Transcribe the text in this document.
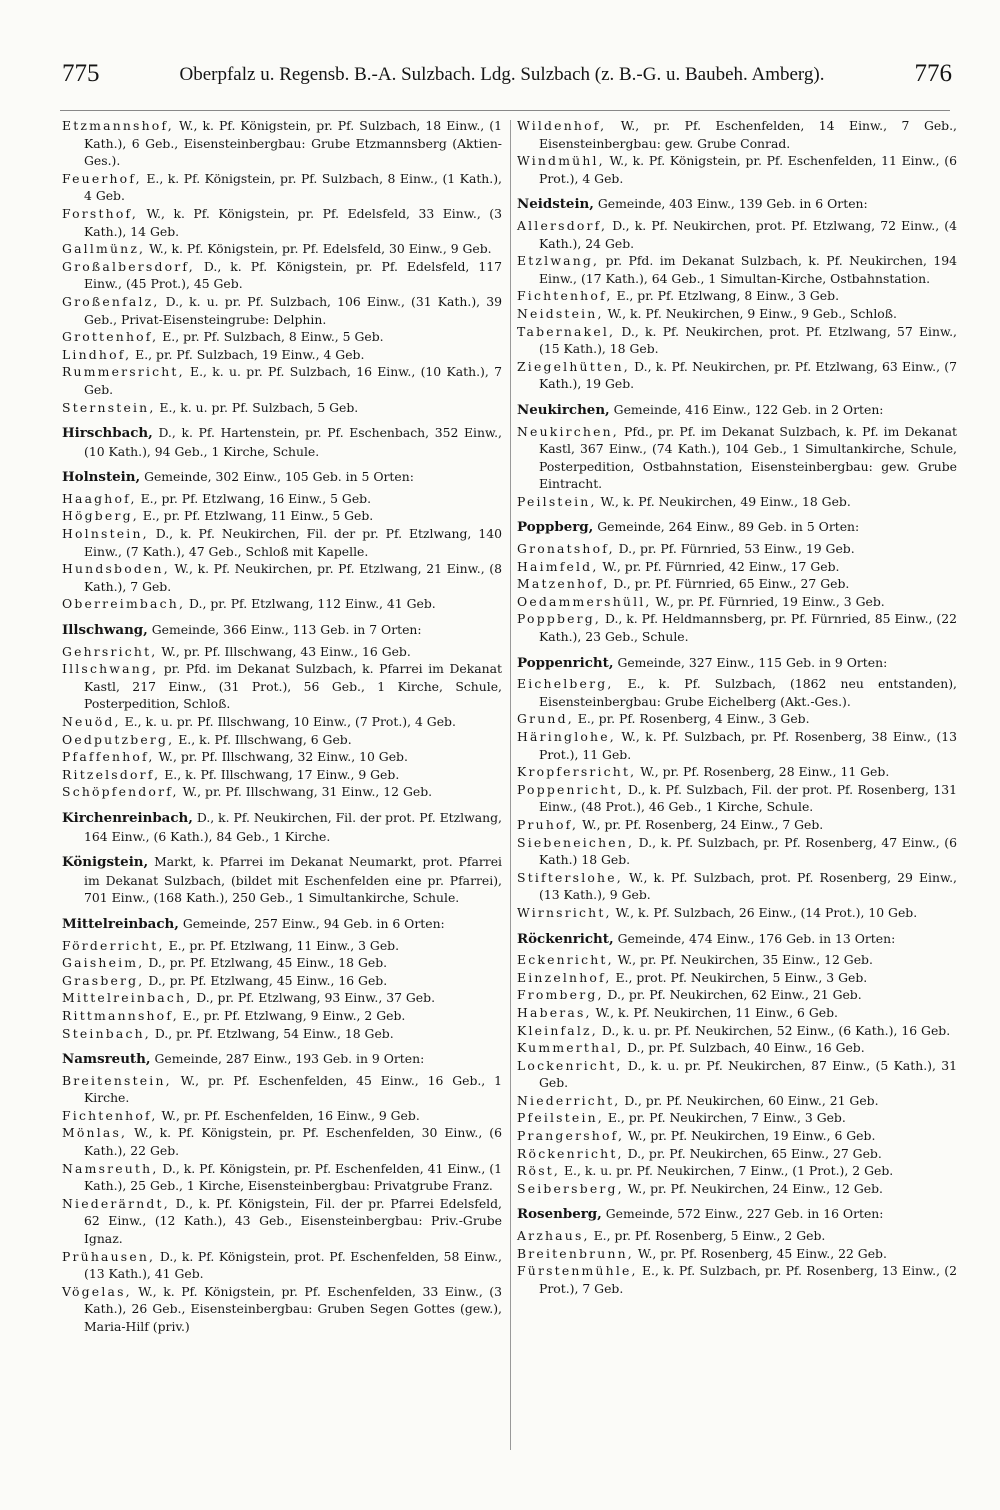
775	Oberpfalz u. Regensb. B.-A. Sulzbach. Ldg. Sulzbach (z. B.-G. u. Baubeh. Amberg).	776

Etzmannshof, W., k. Pf. Königstein, pr. Pf. Sulzbach, 18 Einw., (1 Kath.), 6 Geb., Eisensteinbergbau: Grube Etzmannsberg (Aktien-Ges.).

Feuerhof, E., k. Pf. Königstein, pr. Pf. Sulzbach, 8 Einw., (1 Kath.), 4 Geb.

Forsthof, W., k. Pf. Königstein, pr. Pf. Edelsfeld, 33 Einw., (3 Kath.), 14 Geb.

Gallmünz, W., k. Pf. Königstein, pr. Pf. Edelsfeld, 30 Einw., 9 Geb.

Großalbersdorf, D., k. Pf. Königstein, pr. Pf. Edelsfeld, 117 Einw., (45 Prot.), 45 Geb.

Großenfalz, D., k. u. pr. Pf. Sulzbach, 106 Einw., (31 Kath.), 39 Geb., Privat-Eisensteingrube: Delphin.

Grottenhof, E., pr. Pf. Sulzbach, 8 Einw., 5 Geb.

Lindhof, E., pr. Pf. Sulzbach, 19 Einw., 4 Geb.

Rummersricht, E., k. u. pr. Pf. Sulzbach, 16 Einw., (10 Kath.), 7 Geb.

Sternstein, E., k. u. pr. Pf. Sulzbach, 5 Geb.

Hirschbach, D., k. Pf. Hartenstein, pr. Pf. Eschenbach, 352 Einw., (10 Kath.), 94 Geb., 1 Kirche, Schule.

Holnstein, Gemeinde, 302 Einw., 105 Geb. in 5 Orten:

Haaghof, E., pr. Pf. Etzlwang, 16 Einw., 5 Geb.

Högberg, E., pr. Pf. Etzlwang, 11 Einw., 5 Geb.

Holnstein, D., k. Pf. Neukirchen, Fil. der pr. Pf. Etzlwang, 140 Einw., (7 Kath.), 47 Geb., Schloß mit Kapelle.

Hundsboden, W., k. Pf. Neukirchen, pr. Pf. Etzlwang, 21 Einw., (8 Kath.), 7 Geb.

Oberreimbach, D., pr. Pf. Etzlwang, 112 Einw., 41 Geb.

Illschwang, Gemeinde, 366 Einw., 113 Geb. in 7 Orten:

Gehrsricht, W., pr. Pf. Illschwang, 43 Einw., 16 Geb.

Illschwang, pr. Pfd. im Dekanat Sulzbach, k. Pfarrei im Dekanat Kastl, 217 Einw., (31 Prot.), 56 Geb., 1 Kirche, Schule, Posterpedition, Schloß.

Neuöd, E., k. u. pr. Pf. Illschwang, 10 Einw., (7 Prot.), 4 Geb.

Oedputzberg, E., k. Pf. Illschwang, 6 Geb.

Pfaffenhof, W., pr. Pf. Illschwang, 32 Einw., 10 Geb.

Ritzelsdorf, E., k. Pf. Illschwang, 17 Einw., 9 Geb.

Schöpfendorf, W., pr. Pf. Illschwang, 31 Einw., 12 Geb.

Kirchenreinbach, D., k. Pf. Neukirchen, Fil. der prot. Pf. Etzlwang, 164 Einw., (6 Kath.), 84 Geb., 1 Kirche.

Königstein, Markt, k. Pfarrei im Dekanat Neumarkt, prot. Pfarrei im Dekanat Sulzbach, (bildet mit Eschenfelden eine pr. Pfarrei), 701 Einw., (168 Kath.), 250 Geb., 1 Simultankirche, Schule.

Mittelreinbach, Gemeinde, 257 Einw., 94 Geb. in 6 Orten:

Förderricht, E., pr. Pf. Etzlwang, 11 Einw., 3 Geb.

Gaisheim, D., pr. Pf. Etzlwang, 45 Einw., 18 Geb.

Grasberg, D., pr. Pf. Etzlwang, 45 Einw., 16 Geb.

Mittelreinbach, D., pr. Pf. Etzlwang, 93 Einw., 37 Geb.

Rittmannshof, E., pr. Pf. Etzlwang, 9 Einw., 2 Geb.

Steinbach, D., pr. Pf. Etzlwang, 54 Einw., 18 Geb.

Namsreuth, Gemeinde, 287 Einw., 193 Geb. in 9 Orten:

Breitenstein, W., pr. Pf. Eschenfelden, 45 Einw., 16 Geb., 1 Kirche.

Fichtenhof, W., pr. Pf. Eschenfelden, 16 Einw., 9 Geb.

Mönlas, W., k. Pf. Königstein, pr. Pf. Eschenfelden, 30 Einw., (6 Kath.), 22 Geb.

Namsreuth, D., k. Pf. Königstein, pr. Pf. Eschenfelden, 41 Einw., (1 Kath.), 25 Geb., 1 Kirche, Eisensteinbergbau: Privatgrube Franz.

Niederärndt, D., k. Pf. Königstein, Fil. der pr. Pfarrei Edelsfeld, 62 Einw., (12 Kath.), 43 Geb., Eisensteinbergbau: Priv.-Grube Ignaz.

Prühausen, D., k. Pf. Königstein, prot. Pf. Eschenfelden, 58 Einw., (13 Kath.), 41 Geb.

Vögelas, W., k. Pf. Königstein, pr. Pf. Eschenfelden, 33 Einw., (3 Kath.), 26 Geb., Eisensteinbergbau: Gruben Segen Gottes (gew.), Maria-Hilf (priv.)

Wildenhof, W., pr. Pf. Eschenfelden, 14 Einw., 7 Geb., Eisensteinbergbau: gew. Grube Conrad.

Windmühl, W., k. Pf. Königstein, pr. Pf. Eschenfelden, 11 Einw., (6 Prot.), 4 Geb.

Neidstein, Gemeinde, 403 Einw., 139 Geb. in 6 Orten:

Allersdorf, D., k. Pf. Neukirchen, prot. Pf. Etzlwang, 72 Einw., (4 Kath.), 24 Geb.

Etzlwang, pr. Pfd. im Dekanat Sulzbach, k. Pf. Neukirchen, 194 Einw., (17 Kath.), 64 Geb., 1 Simultan-Kirche, Ostbahnstation.

Fichtenhof, E., pr. Pf. Etzlwang, 8 Einw., 3 Geb.

Neidstein, W., k. Pf. Neukirchen, 9 Einw., 9 Geb., Schloß.

Tabernakel, D., k. Pf. Neukirchen, prot. Pf. Etzlwang, 57 Einw., (15 Kath.), 18 Geb.

Ziegelhütten, D., k. Pf. Neukirchen, pr. Pf. Etzlwang, 63 Einw., (7 Kath.), 19 Geb.

Neukirchen, Gemeinde, 416 Einw., 122 Geb. in 2 Orten:

Neukirchen, Pfd., pr. Pf. im Dekanat Sulzbach, k. Pf. im Dekanat Kastl, 367 Einw., (74 Kath.), 104 Geb., 1 Simultankirche, Schule, Posterpedition, Ostbahnstation, Eisensteinbergbau: gew. Grube Eintracht.

Peilstein, W., k. Pf. Neukirchen, 49 Einw., 18 Geb.

Poppberg, Gemeinde, 264 Einw., 89 Geb. in 5 Orten:

Gronatshof, D., pr. Pf. Fürnried, 53 Einw., 19 Geb.

Haimfeld, W., pr. Pf. Fürnried, 42 Einw., 17 Geb.

Matzenhof, D., pr. Pf. Fürnried, 65 Einw., 27 Geb.

Oedammershüll, W., pr. Pf. Fürnried, 19 Einw., 3 Geb.

Poppberg, D., k. Pf. Heldmannsberg, pr. Pf. Fürnried, 85 Einw., (22 Kath.), 23 Geb., Schule.

Poppenricht, Gemeinde, 327 Einw., 115 Geb. in 9 Orten:

Eichelberg, E., k. Pf. Sulzbach, (1862 neu entstanden), Eisensteinbergbau: Grube Eichelberg (Akt.-Ges.).

Grund, E., pr. Pf. Rosenberg, 4 Einw., 3 Geb.

Häringlohe, W., k. Pf. Sulzbach, pr. Pf. Rosenberg, 38 Einw., (13 Prot.), 11 Geb.

Kropfersricht, W., pr. Pf. Rosenberg, 28 Einw., 11 Geb.

Poppenricht, D., k. Pf. Sulzbach, Fil. der prot. Pf. Rosenberg, 131 Einw., (48 Prot.), 46 Geb., 1 Kirche, Schule.

Pruhof, W., pr. Pf. Rosenberg, 24 Einw., 7 Geb.

Siebeneichen, D., k. Pf. Sulzbach, pr. Pf. Rosenberg, 47 Einw., (6 Kath.) 18 Geb.

Stifterslohe, W., k. Pf. Sulzbach, prot. Pf. Rosenberg, 29 Einw., (13 Kath.), 9 Geb.

Wirnsricht, W., k. Pf. Sulzbach, 26 Einw., (14 Prot.), 10 Geb.

Röckenricht, Gemeinde, 474 Einw., 176 Geb. in 13 Orten:

Eckenricht, W., pr. Pf. Neukirchen, 35 Einw., 12 Geb.

Einzelnhof, E., prot. Pf. Neukirchen, 5 Einw., 3 Geb.

Fromberg, D., pr. Pf. Neukirchen, 62 Einw., 21 Geb.

Haberas, W., k. Pf. Neukirchen, 11 Einw., 6 Geb.

Kleinfalz, D., k. u. pr. Pf. Neukirchen, 52 Einw., (6 Kath.), 16 Geb.

Kummerthal, D., pr. Pf. Sulzbach, 40 Einw., 16 Geb.

Lockenricht, D., k. u. pr. Pf. Neukirchen, 87 Einw., (5 Kath.), 31 Geb.

Niederricht, D., pr. Pf. Neukirchen, 60 Einw., 21 Geb.

Pfeilstein, E., pr. Pf. Neukirchen, 7 Einw., 3 Geb.

Prangershof, W., pr. Pf. Neukirchen, 19 Einw., 6 Geb.

Röckenricht, D., pr. Pf. Neukirchen, 65 Einw., 27 Geb.

Röst, E., k. u. pr. Pf. Neukirchen, 7 Einw., (1 Prot.), 2 Geb.

Seibersberg, W., pr. Pf. Neukirchen, 24 Einw., 12 Geb.

Rosenberg, Gemeinde, 572 Einw., 227 Geb. in 16 Orten:

Arzhaus, E., pr. Pf. Rosenberg, 5 Einw., 2 Geb.

Breitenbrunn, W., pr. Pf. Rosenberg, 45 Einw., 22 Geb.

Fürstenmühle, E., k. Pf. Sulzbach, pr. Pf. Rosenberg, 13 Einw., (2 Prot.), 7 Geb.
